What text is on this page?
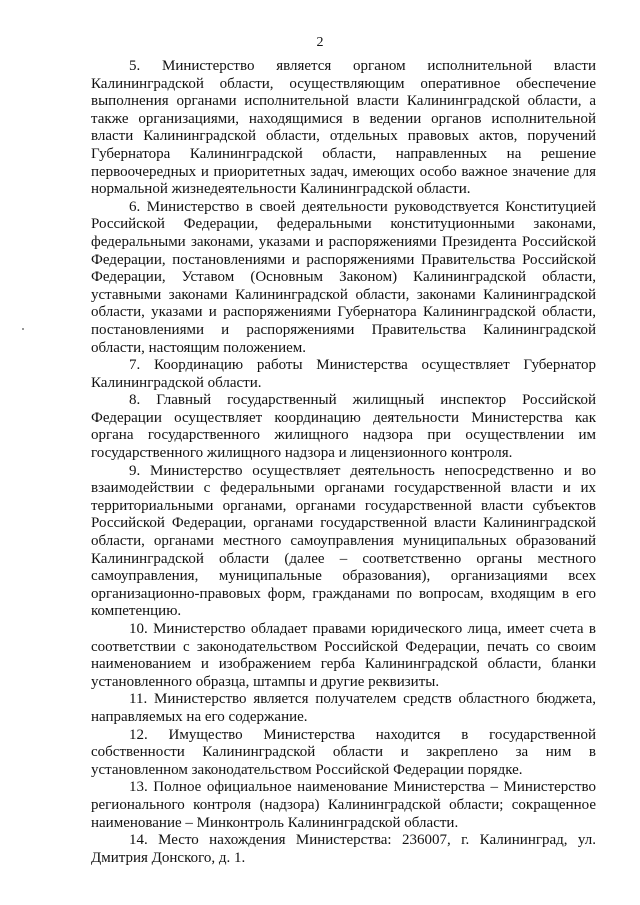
2

5. Министерство является органом исполнительной власти Калининградской области, осуществляющим оперативное обеспечение выполнения органами исполнительной власти Калининградской области, а также организациями, находящимися в ведении органов исполнительной власти Калининградской области, отдельных правовых актов, поручений Губернатора Калининградской области, направленных на решение первоочередных и приоритетных задач, имеющих особо важное значение для нормальной жизнедеятельности Калининградской области.

6. Министерство в своей деятельности руководствуется Конституцией Российской Федерации, федеральными конституционными законами, федеральными законами, указами и распоряжениями Президента Российской Федерации, постановлениями и распоряжениями Правительства Российской Федерации, Уставом (Основным Законом) Калининградской области, уставными законами Калининградской области, законами Калининградской области, указами и распоряжениями Губернатора Калининградской области, постановлениями и распоряжениями Правительства Калининградской области, настоящим положением.

7. Координацию работы Министерства осуществляет Губернатор Калининградской области.

8. Главный государственный жилищный инспектор Российской Федерации осуществляет координацию деятельности Министерства как органа государственного жилищного надзора при осуществлении им государственного жилищного надзора и лицензионного контроля.

9. Министерство осуществляет деятельность непосредственно и во взаимодействии с федеральными органами государственной власти и их территориальными органами, органами государственной власти субъектов Российской Федерации, органами государственной власти Калининградской области, органами местного самоуправления муниципальных образований Калининградской области (далее – соответственно органы местного самоуправления, муниципальные образования), организациями всех организационно-правовых форм, гражданами по вопросам, входящим в его компетенцию.

10. Министерство обладает правами юридического лица, имеет счета в соответствии с законодательством Российской Федерации, печать со своим наименованием и изображением герба Калининградской области, бланки установленного образца, штампы и другие реквизиты.

11. Министерство является получателем средств областного бюджета, направляемых на его содержание.

12. Имущество Министерства находится в государственной собственности Калининградской области и закреплено за ним в установленном законодательством Российской Федерации порядке.

13. Полное официальное наименование Министерства – Министерство регионального контроля (надзора) Калининградской области; сокращенное наименование – Минконтроль Калининградской области.

14. Место нахождения Министерства: 236007, г. Калининград, ул. Дмитрия Донского, д. 1.
